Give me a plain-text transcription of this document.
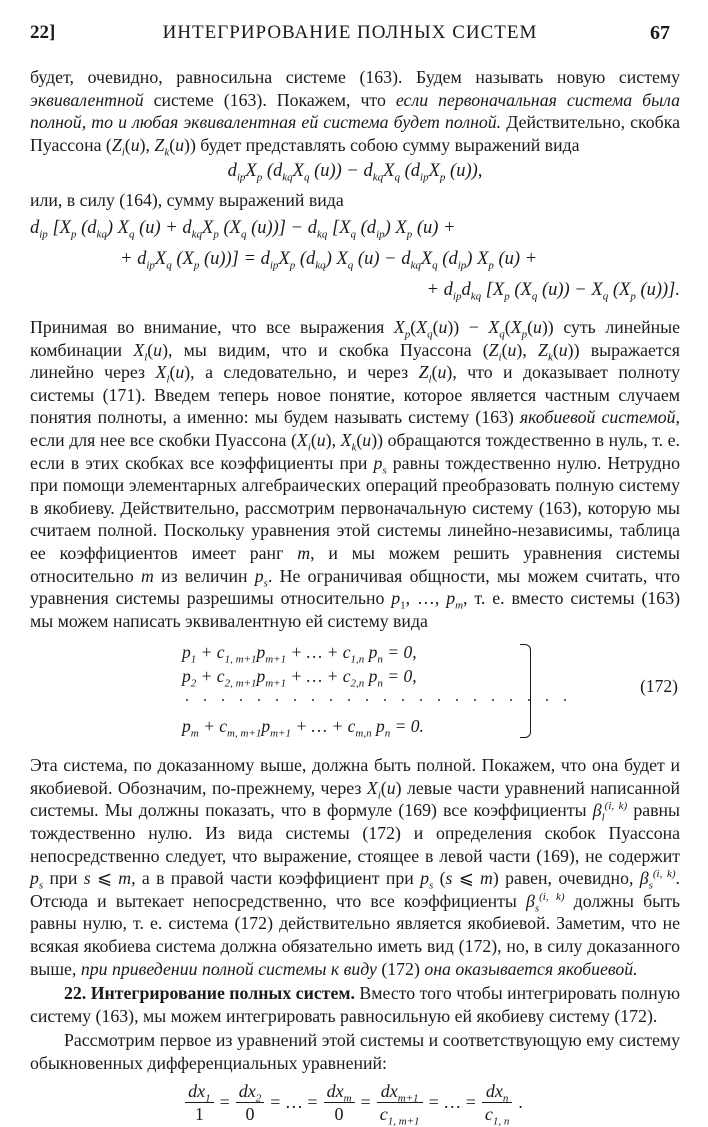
22]	ИНТЕГРИРОВАНИЕ ПОЛНЫХ СИСТЕМ	67

будет, очевидно, равносильна системе (163). Будем называть новую систему эквивалентной системе (163). Покажем, что если первоначальная система была полной, то и любая эквивалентная ей система будет полной. Действительно, скобка Пуассона ($Z_i(u)$, $Z_k(u)$) будет представлять собою сумму выражений вида

$d_{ip}X_p$ ($d_{kq}X_q$ $(u)) - d_{kq}X_q$ ($d_{ip}X_p$ (u)),

или, в силу (164), сумму выражений вида

$d_{ip}$ [$X_p$ $(d_{kq})$ $X_q$ $(u) + d_{kq}X_p$ ($X_q$ $(u))] - d_{kq}$ [$X_q$ $(d_{ip})$ $X_p$ (u) +
+ $d_{ip}X_q$ ($X_p$ $(u))] = d_{ip}X_p$ $(d_{kq})$ $X_q$ $(u) - d_{kq}X_q$ $(d_{ip})$ $X_p$ (u) +
+ $d_{ip}d_{kq}$ [$X_p$ ($X_q$ $(u)) - X_q$ ($X_p$ (u))].

Принимая во внимание, что все выражения $X_p(X_q(u)) - X_q(X_p(u))$ суть линейные комбинации $X_l(u)$, мы видим, что и скобка Пуассона ($Z_i(u)$, $Z_k(u)$) выражается линейно через $X_l(u)$, а следовательно, и через $Z_l(u)$, что и доказывает полноту системы (171). Введем теперь новое понятие, которое является частным случаем понятия полноты, а именно: мы будем называть систему (163) якобиевой системой, если для нее все скобки Пуассона ($X_i(u)$, $X_k(u)$) обращаются тождественно в нуль, т. е. если в этих скобках все коэффициенты при $p_s$ равны тождественно нулю. Нетрудно при помощи элементарных алгебраических операций преобразовать полную систему в якобиеву. Действительно, рассмотрим первоначальную систему (163), которую мы считаем полной. Поскольку уравнения этой системы линейно-независимы, таблица ее коэффициентов имеет ранг m, и мы можем решить уравнения системы относительно m из величин $p_s$. Не ограничивая общности, мы можем считать, что уравнения системы разрешимы относительно $p_1$, …, $p_m$, т. е. вместо системы (163) мы можем написать эквивалентную ей систему вида

$p_1 + c_{1, m+1}p_{m+1}$ + … + $c_{1,n}$ $p_n = 0$,
$p_2 + c_{2, m+1}p_{m+1}$ + … + $c_{2,n}$ $p_n = 0$,
. . . . . . . . . . . . . . . . . . . . . .
$p_m + c_{m, m+1}p_{m+1}$ + … + $c_{m,n}$ $p_n = 0$.
(172)

Эта система, по доказанному выше, должна быть полной. Покажем, что она будет и якобиевой. Обозначим, по-прежнему, через $X_i(u)$ левые части уравнений написанной системы. Мы должны показать, что в формуле (169) все коэффициенты $\beta_l^{(i, k)}$ равны тождественно нулю. Из вида системы (172) и определения скобок Пуассона непосредственно следует, что выражение, стоящее в левой части (169), не содержит $p_s$ при s ⩽ m, а в правой части коэффициент при $p_s$ (s ⩽ m) равен, очевидно, $\beta_s^{(i, k)}$. Отсюда и вытекает непосредственно, что все коэффициенты $\beta_s^{(i, k)}$ должны быть равны нулю, т. е. система (172) действительно является якобиевой. Заметим, что не всякая якобиева система должна обязательно иметь вид (172), но, в силу доказанного выше, при приведении полной системы к виду (172) она оказывается якобиевой.

22. Интегрирование полных систем. Вместо того чтобы интегрировать полную систему (163), мы можем интегрировать равносильную ей якобиеву систему (172).

Рассмотрим первое из уравнений этой системы и соответствующую ему систему обыкновенных дифференциальных уравнений:

$\frac{dx_1}{1} = \frac{dx_2}{0}$ = … = $\frac{dx_m}{0} = \frac{dx_{m+1}}{c_{1, m+1}}$ = … = $\frac{dx_n}{c_{1, n}}$ .
